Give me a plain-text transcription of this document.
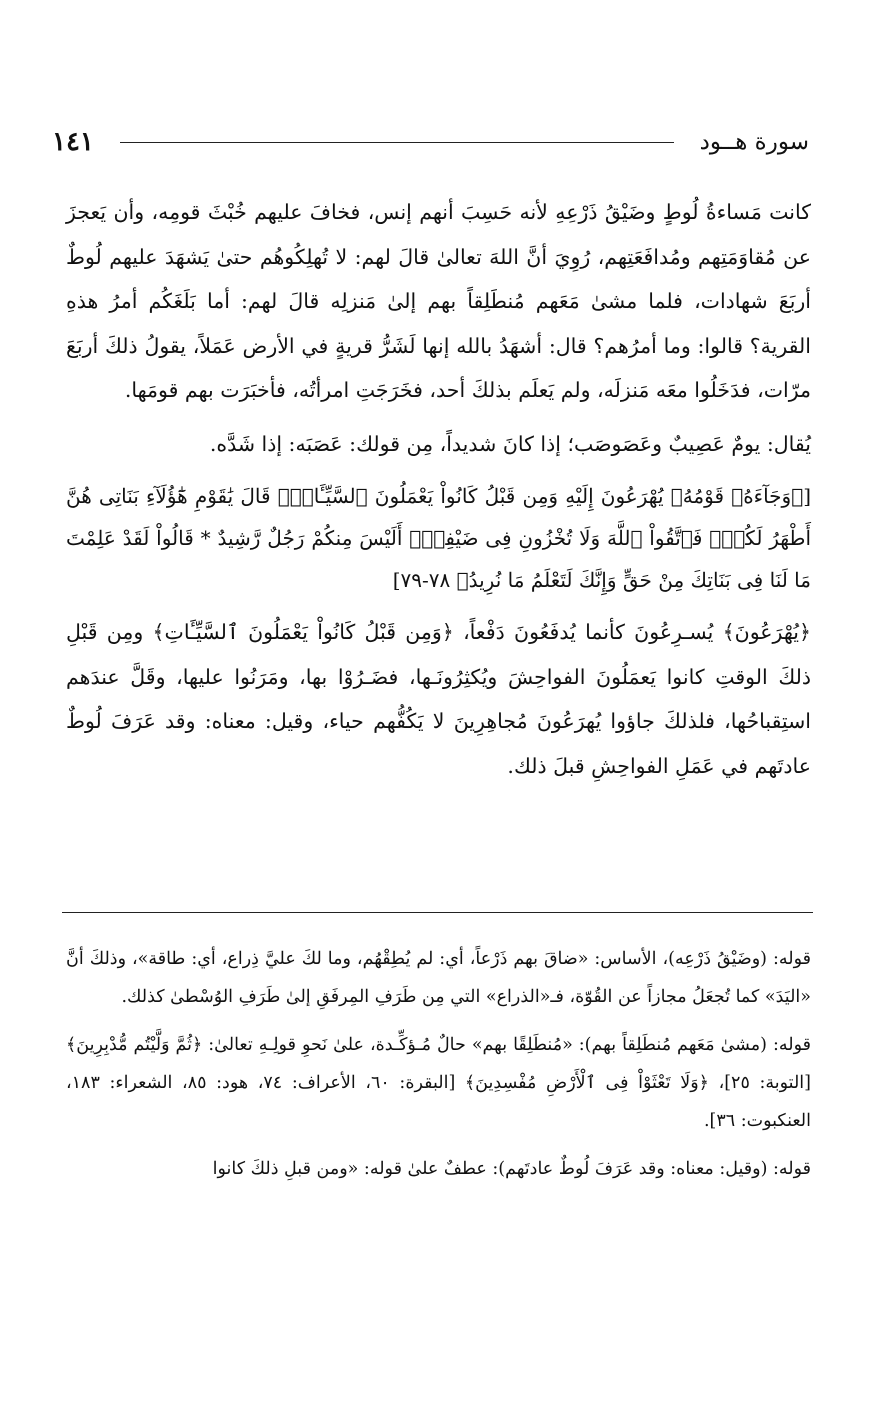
سورة هــود
١٤١

كانت مَساءةُ لُوطٍ وضَيْقُ ذَرْعِهِ لأنه حَسِبَ أنهم إنس، فخافَ عليهم خُبْثَ قومِه، وأن يَعجزَ عن مُقاوَمَتِهم ومُدافَعَتِهم، رُوِيَ أنَّ اللهَ تعالىٰ قالَ لهم: لا تُهلِكُوهُم حتىٰ يَشهَدَ عليهم لُوطٌ أربَعَ شهادات، فلما مشىٰ مَعَهم مُنطَلِقاً بهم إلىٰ مَنزلِه قالَ لهم: أما بَلَغَكُم أمرُ هذهِ القرية؟ قالوا: وما أمرُهم؟ قال: أشهَدُ بالله إنها لَشَرُّ قريةٍ في الأرض عَمَلاً، يقولُ ذلكَ أربَعَ مرّات، فدَخَلُوا معَه مَنزلَه، ولم يَعلَم بذلكَ أحد، فخَرَجَتِ امرأتُه، فأخبَرَت بهم قومَها.

يُقال: يومٌ عَصِيبٌ وعَصَوصَب؛ إذا كانَ شديداً، مِن قولك: عَصَبَه: إذا شَدَّه.

[﴿وَجَآءَهُۥ قَوْمُهُۥ يُهْرَعُونَ إِلَيْهِ وَمِن قَبْلُ كَانُواْ يَعْمَلُونَ ٱلسَّيِّـَٔاتِۚ قَالَ يَٰقَوْمِ هَٰٓؤُلَآءِ بَنَاتِى هُنَّ أَطْهَرُ لَكُمْۖ فَٱتَّقُواْ ٱللَّهَ وَلَا تُخْزُونِ فِى ضَيْفِىٓۖ أَلَيْسَ مِنكُمْ رَجُلٌ رَّشِيدٌ * قَالُواْ لَقَدْ عَلِمْتَ مَا لَنَا فِى بَنَاتِكَ مِنْ حَقٍّ وَإِنَّكَ لَتَعْلَمُ مَا نُرِيدُ﴾ ٧٨-٧٩]

﴿يُهْرَعُونَ﴾ يُسـرِعُونَ كأنما يُدفَعُونَ دَفْعاً، ﴿وَمِن قَبْلُ كَانُواْ يَعْمَلُونَ ٱلسَّيِّـَٔاتِ﴾ ومِن قَبْلِ ذلكَ الوقتِ كانوا يَعمَلُونَ الفواحِشَ ويُكثِرُونَـها، فضَـرُوْا بها، ومَرَنُوا عليها، وقَلَّ عندَهم استِقباحُها، فلذلكَ جاؤوا يُهرَعُونَ مُجاهِرِينَ لا يَكُفُّهم حياء، وقيل: معناه: وقد عَرَفَ لُوطٌ عادتَهم في عَمَلِ الفواحِشِ قبلَ ذلك.

قوله: (وضَيْقُ ذَرْعِه)، الأساس: «ضاقَ بهم ذَرْعاً، أي: لم يُطِقْهُم، وما لكَ عليَّ ذِراع، أي: طاقة»، وذلكَ أنَّ «اليَدَ» كما تُجعَلُ مجازاً عن القُوّة، فـ«الذراع» التي مِن طَرَفِ المِرفَقِ إلىٰ طَرَفِ الوُسْطىٰ كذلك.

قوله: (مشىٰ مَعَهم مُنطَلِقاً بهم): «مُنطَلِقًا بهم» حالٌ مُـؤكِّـدة، علىٰ نَحوِ قولِـهِ تعالىٰ: ﴿ثُمَّ وَلَّيْتُم مُّدْبِرِينَ﴾ [التوبة: ٢٥]، ﴿وَلَا تَعْثَوْاْ فِى ٱلْأَرْضِ مُفْسِدِينَ﴾ [البقرة: ٦٠، الأعراف: ٧٤، هود: ٨٥، الشعراء: ١٨٣، العنكبوت: ٣٦].

قوله: (وقيل: معناه: وقد عَرَفَ لُوطٌ عادتَهم): عطفٌ علىٰ قوله: «ومن قبلِ ذلكَ كانوا
